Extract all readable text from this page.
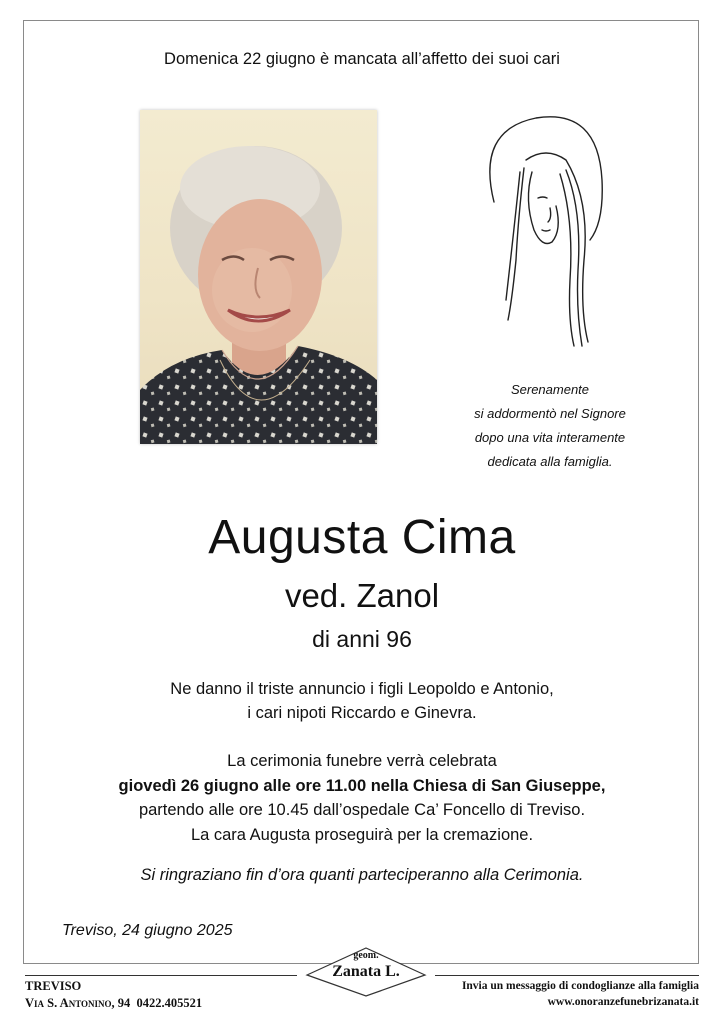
Domenica 22 giugno è mancata all’affetto dei suoi cari
Serenamente
si addormentò nel Signore
dopo una vita interamente
dedicata alla famiglia.
Augusta Cima
ved. Zanol
di anni 96
Ne danno il triste annuncio i figli Leopoldo e Antonio,
i cari nipoti Riccardo e Ginevra.
La cerimonia funebre verrà celebrata
giovedì 26 giugno alle ore 11.00 nella Chiesa di San Giuseppe,
partendo alle ore 10.45 dall’ospedale Ca’ Foncello di Treviso.
La cara Augusta proseguirà per la cremazione.
Si ringraziano fin d’ora quanti parteciperanno alla Cerimonia.
Treviso, 24 giugno 2025
TREVISO
Via S. Antonino, 94 0422.405521
geom.
Zanata L.
Invia un messaggio di condoglianze alla famiglia
www.onoranzefunebrizanata.it
